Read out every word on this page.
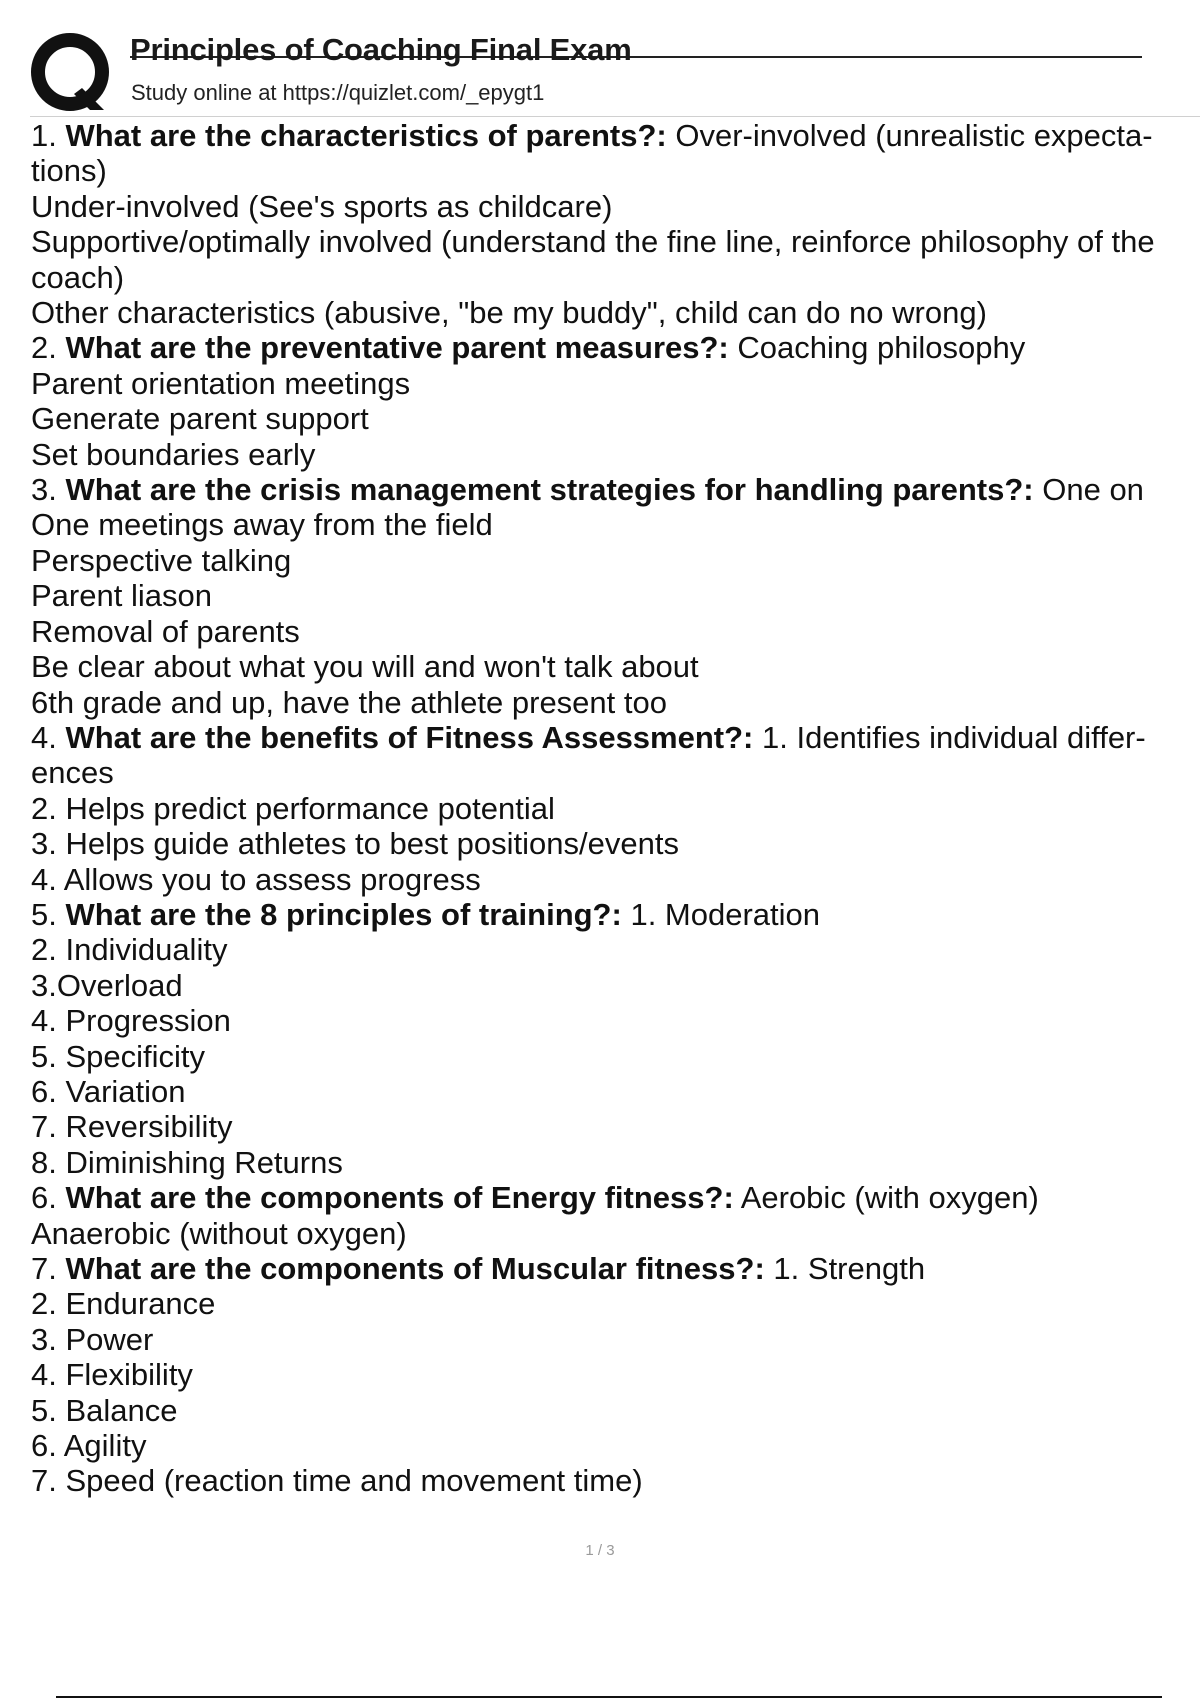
Principles of Coaching Final Exam
Study online at https://quizlet.com/_epygt1
1. What are the characteristics of parents?: Over-involved (unrealistic expecta-tions)
Under-involved (See's sports as childcare)
Supportive/optimally involved (understand the fine line, reinforce philosophy of the coach)
Other characteristics (abusive, "be my buddy", child can do no wrong)
2. What are the preventative parent measures?: Coaching philosophy
Parent orientation meetings
Generate parent support
Set boundaries early
3. What are the crisis management strategies for handling parents?: One on One meetings away from the field
Perspective talking
Parent liason
Removal of parents
Be clear about what you will and won't talk about
6th grade and up, have the athlete present too
4. What are the benefits of Fitness Assessment?: 1. Identifies individual differ-ences
2. Helps predict performance potential
3. Helps guide athletes to best positions/events
4. Allows you to assess progress
5. What are the 8 principles of training?: 1. Moderation
2. Individuality
3.Overload
4. Progression
5. Specificity
6. Variation
7. Reversibility
8. Diminishing Returns
6. What are the components of Energy fitness?: Aerobic (with oxygen)
Anaerobic (without oxygen)
7. What are the components of Muscular fitness?: 1. Strength
2. Endurance
3. Power
4. Flexibility
5. Balance
6. Agility
7. Speed (reaction time and movement time)
1 / 3
